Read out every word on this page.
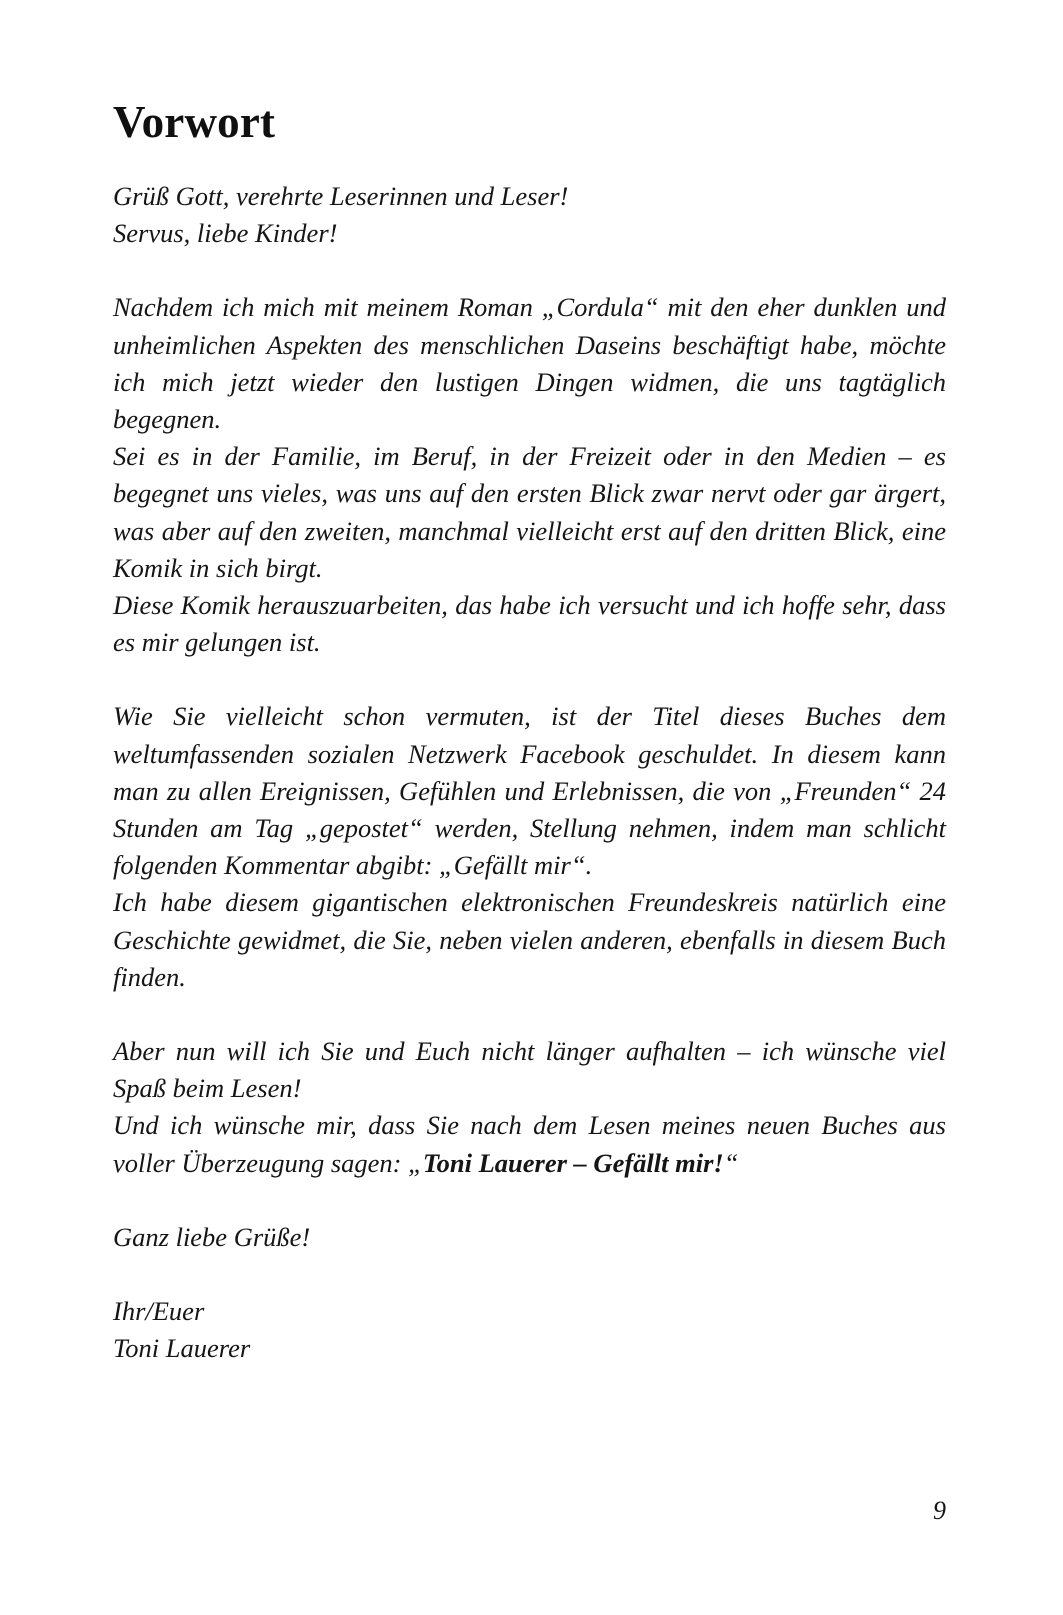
Vorwort
Grüß Gott, verehrte Leserinnen und Leser!
Servus, liebe Kinder!
Nachdem ich mich mit meinem Roman „Cordula“ mit den eher dunklen und unheimlichen Aspekten des menschlichen Daseins beschäftigt habe, möchte ich mich jetzt wieder den lustigen Dingen widmen, die uns tagtäglich begegnen.
Sei es in der Familie, im Beruf, in der Freizeit oder in den Medien – es begegnet uns vieles, was uns auf den ersten Blick zwar nervt oder gar ärgert, was aber auf den zweiten, manchmal vielleicht erst auf den dritten Blick, eine Komik in sich birgt.
Diese Komik herauszuarbeiten, das habe ich versucht und ich hoffe sehr, dass es mir gelungen ist.
Wie Sie vielleicht schon vermuten, ist der Titel dieses Buches dem weltumfassenden sozialen Netzwerk Facebook geschuldet. In diesem kann man zu allen Ereignissen, Gefühlen und Erlebnissen, die von „Freunden“ 24 Stunden am Tag „gepostet“ werden, Stellung nehmen, indem man schlicht folgenden Kommentar abgibt: „Gefällt mir“.
Ich habe diesem gigantischen elektronischen Freundeskreis natürlich eine Geschichte gewidmet, die Sie, neben vielen anderen, ebenfalls in diesem Buch finden.
Aber nun will ich Sie und Euch nicht länger aufhalten – ich wünsche viel Spaß beim Lesen!
Und ich wünsche mir, dass Sie nach dem Lesen meines neuen Buches aus voller Überzeugung sagen: „Toni Lauerer – Gefällt mir!“
Ganz liebe Grüße!
Ihr/Euer
Toni Lauerer
9
